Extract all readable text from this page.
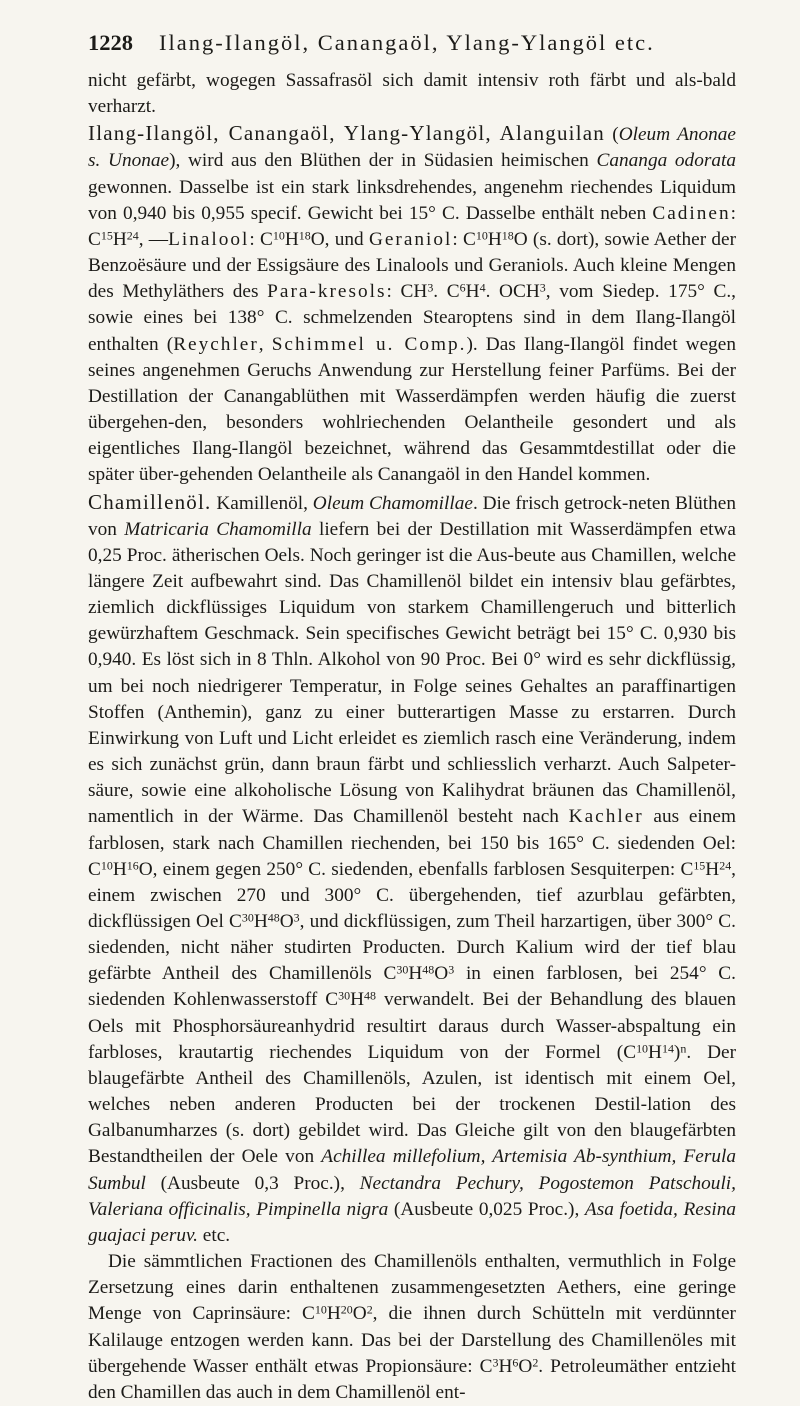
1228 Ilang-Ilangöl, Canangaöl, Ylang-Ylangöl etc.

nicht gefärbt, wogegen Sassafrasöl sich damit intensiv roth färbt und als-bald verharzt.

Ilang-Ilangöl, Canangaöl, Ylang-Ylangöl, Alanguilan (Oleum Anonae s. Unonae), wird aus den Blüthen der in Südasien heimischen Cananga odorata gewonnen. Dasselbe ist ein stark linksdrehendes, angenehm riechendes Liquidum von 0,940 bis 0,955 specif. Gewicht bei 15° C. Dasselbe enthält neben Cadinen: $C^{15}H^{24}$, —Linalool: $C^{10}H^{18}O$, und Geraniol: $C^{10}H^{18}O$ (s. dort), sowie Aether der Benzoësäure und der Essigsäure des Linalools und Geraniols. Auch kleine Mengen des Methyläthers des Para-kresols: $CH^3$. $C^6H^4$. OCH$^3$, vom Siedep. 175° C., sowie eines bei 138° C. schmelzenden Stearoptens sind in dem Ilang-Ilangöl enthalten (Reychler, Schimmel u. Comp.). Das Ilang-Ilangöl findet wegen seines angenehmen Geruchs Anwendung zur Herstellung feiner Parfüms. Bei der Destillation der Canangablüthen mit Wasserdämpfen werden häufig die zuerst übergehen-den, besonders wohlriechenden Oelantheile gesondert und als eigentliches Ilang-Ilangöl bezeichnet, während das Gesammtdestillat oder die später über-gehenden Oelantheile als Canangaöl in den Handel kommen.

Chamillenöl. Kamillenöl, Oleum Chamomillae. Die frisch getrock-neten Blüthen von Matricaria Chamomilla liefern bei der Destillation mit Wasserdämpfen etwa 0,25 Proc. ätherischen Oels. Noch geringer ist die Aus-beute aus Chamillen, welche längere Zeit aufbewahrt sind. Das Chamillenöl bildet ein intensiv blau gefärbtes, ziemlich dickflüssiges Liquidum von starkem Chamillengeruch und bitterlich gewürzhaftem Geschmack. Sein specifisches Gewicht beträgt bei 15° C. 0,930 bis 0,940. Es löst sich in 8 Thln. Alkohol von 90 Proc. Bei 0° wird es sehr dickflüssig, um bei noch niedrigerer Temperatur, in Folge seines Gehaltes an paraffinartigen Stoffen (Anthemin), ganz zu einer butterartigen Masse zu erstarren. Durch Einwirkung von Luft und Licht erleidet es ziemlich rasch eine Veränderung, indem es sich zunächst grün, dann braun färbt und schliesslich verharzt. Auch Salpeter-säure, sowie eine alkoholische Lösung von Kalihydrat bräunen das Chamillenöl, namentlich in der Wärme. Das Chamillenöl besteht nach Kachler aus einem farblosen, stark nach Chamillen riechenden, bei 150 bis 165° C. siedenden Oel: $C^{10}H^{16}O$, einem gegen 250° C. siedenden, ebenfalls farblosen Sesquiterpen: $C^{15}H^{24}$, einem zwischen 270 und 300° C. übergehenden, tief azurblau gefärbten, dickflüssigen Oel $C^{30}H^{48}O^3$, und dickflüssigen, zum Theil harzartigen, über 300° C. siedenden, nicht näher studirten Producten. Durch Kalium wird der tief blau gefärbte Antheil des Chamillenöls $C^{30}H^{48}O^3$ in einen farblosen, bei 254° C. siedenden Kohlenwasserstoff $C^{30}H^{48}$ verwandelt. Bei der Behandlung des blauen Oels mit Phosphorsäureanhydrid resultirt daraus durch Wasser-abspaltung ein farbloses, krautartig riechendes Liquidum von der Formel $(C^{10}H^{14})^n$. Der blaugefärbte Antheil des Chamillenöls, Azulen, ist identisch mit einem Oel, welches neben anderen Producten bei der trockenen Destil-lation des Galbanumharzes (s. dort) gebildet wird. Das Gleiche gilt von den blaugefärbten Bestandtheilen der Oele von Achillea millefolium, Artemisia Ab-synthium, Ferula Sumbul (Ausbeute 0,3 Proc.), Nectandra Pechury, Pogostemon Patschouli, Valeriana officinalis, Pimpinella nigra (Ausbeute 0,025 Proc.), Asa foetida, Resina guajaci peruv. etc.

Die sämmtlichen Fractionen des Chamillenöls enthalten, vermuthlich in Folge Zersetzung eines darin enthaltenen zusammengesetzten Aethers, eine geringe Menge von Caprinsäure: $C^{10}H^{20}O^2$, die ihnen durch Schütteln mit verdünnter Kalilauge entzogen werden kann. Das bei der Darstellung des Chamillenöles mit übergehende Wasser enthält etwas Propionsäure: $C^3H^6O^2$. Petroleumäther entzieht den Chamillen das auch in dem Chamillenöl ent-
